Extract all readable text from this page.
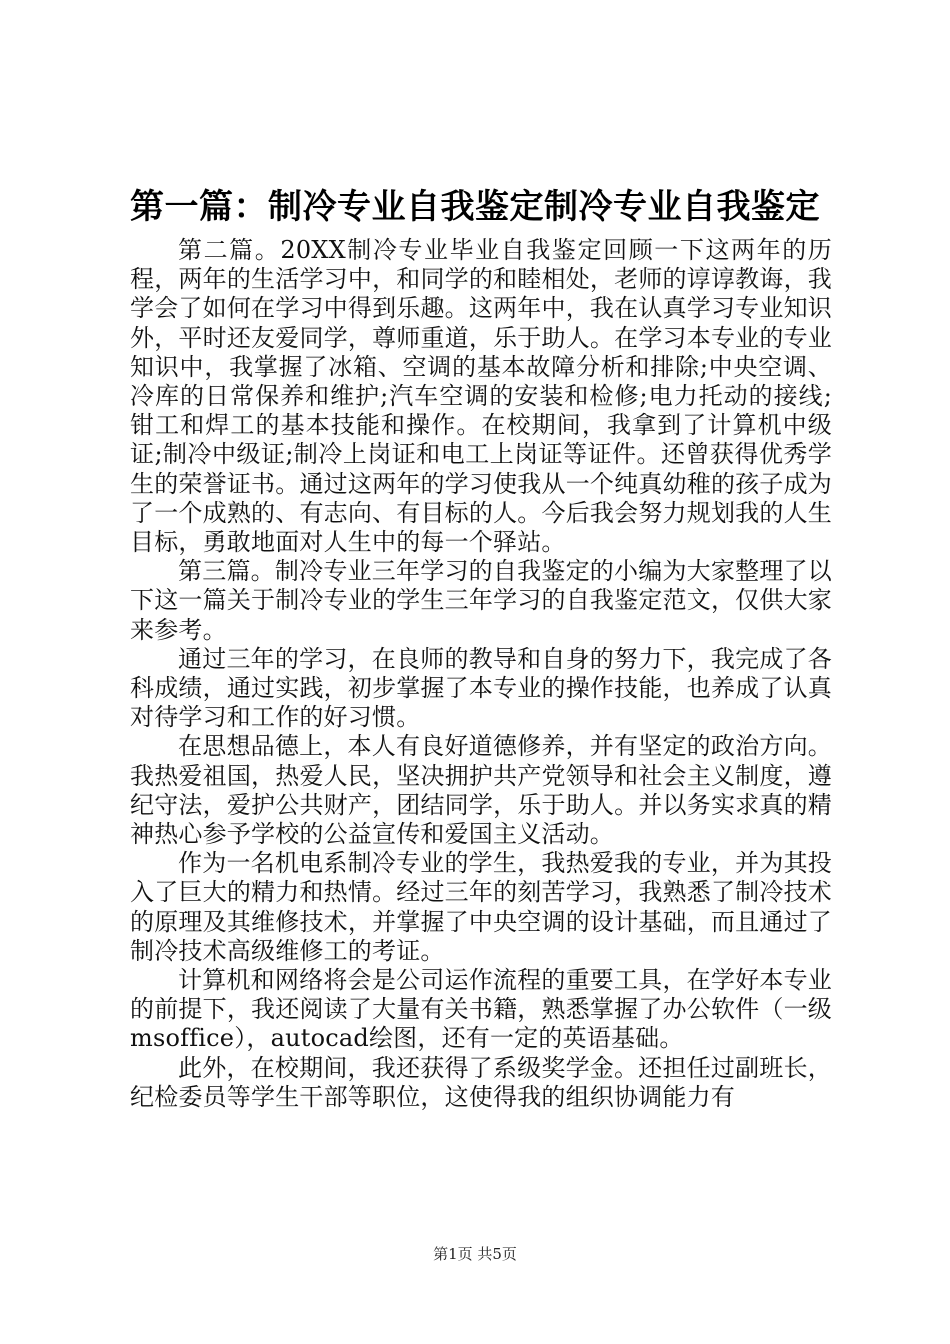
第一篇：制冷专业自我鉴定制冷专业自我鉴定

第二篇。20XX制冷专业毕业自我鉴定回顾一下这两年的历程，两年的生活学习中，和同学的和睦相处，老师的谆谆教诲，我学会了如何在学习中得到乐趣。这两年中，我在认真学习专业知识外，平时还友爱同学，尊师重道，乐于助人。在学习本专业的专业知识中，我掌握了冰箱、空调的基本故障分析和排除;中央空调、冷库的日常保养和维护;汽车空调的安装和检修;电力托动的接线;钳工和焊工的基本技能和操作。在校期间，我拿到了计算机中级证;制冷中级证;制冷上岗证和电工上岗证等证件。还曾获得优秀学生的荣誉证书。通过这两年的学习使我从一个纯真幼稚的孩子成为了一个成熟的、有志向、有目标的人。今后我会努力规划我的人生目标，勇敢地面对人生中的每一个驿站。

第三篇。制冷专业三年学习的自我鉴定的小编为大家整理了以下这一篇关于制冷专业的学生三年学习的自我鉴定范文，仅供大家来参考。

通过三年的学习，在良师的教导和自身的努力下，我完成了各科成绩，通过实践，初步掌握了本专业的操作技能，也养成了认真对待学习和工作的好习惯。

在思想品德上，本人有良好道德修养，并有坚定的政治方向。我热爱祖国，热爱人民，坚决拥护共产党领导和社会主义制度，遵纪守法，爱护公共财产，团结同学，乐于助人。并以务实求真的精神热心参予学校的公益宣传和爱国主义活动。

作为一名机电系制冷专业的学生，我热爱我的专业，并为其投入了巨大的精力和热情。经过三年的刻苦学习，我熟悉了制冷技术的原理及其维修技术，并掌握了中央空调的设计基础，而且通过了制冷技术高级维修工的考证。

计算机和网络将会是公司运作流程的重要工具，在学好本专业的前提下，我还阅读了大量有关书籍，熟悉掌握了办公软件（一级msoffice），autocad绘图，还有一定的英语基础。

此外，在校期间，我还获得了系级奖学金。还担任过副班长，纪检委员等学生干部等职位，这使得我的组织协调能力有

第1页 共5页
